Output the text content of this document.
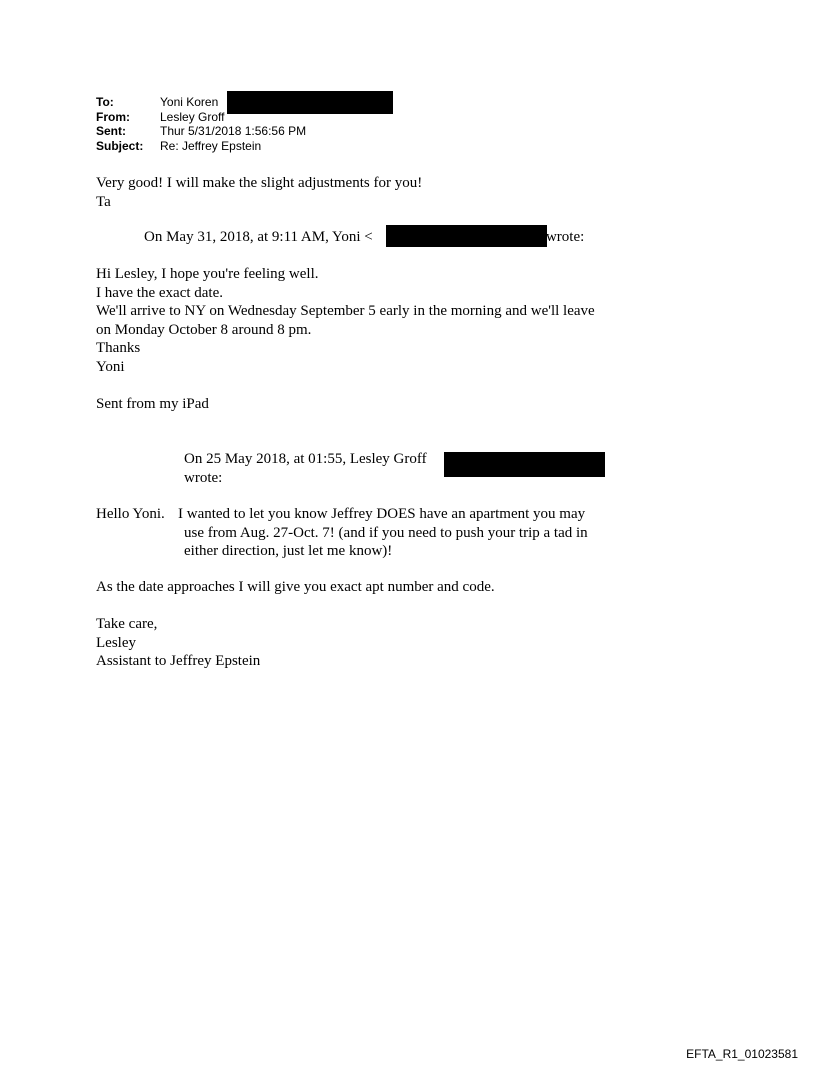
To:	Yoni Koren
From:	Lesley Groff
Sent:	Thur 5/31/2018 1:56:56 PM
Subject:	Re: Jeffrey Epstein
Very good! I will make the slight adjustments for you!
Ta
On May 31, 2018, at 9:11 AM, Yoni <	> wrote:
Hi Lesley, I hope you're feeling well.
I have the exact date.
We'll arrive to NY on Wednesday September 5 early in the morning and we'll leave
on Monday October 8 around 8 pm.
Thanks
Yoni
Sent from my iPad
On 25 May 2018, at 01:55, Lesley Groff
wrote:
Hello Yoni. I wanted to let you know Jeffrey DOES have an apartment you may
use from Aug. 27-Oct. 7! (and if you need to push your trip a tad in
either direction, just let me know)!
As the date approaches I will give you exact apt number and code.
Take care,
Lesley
Assistant to Jeffrey Epstein
EFTA_R1_01023581
